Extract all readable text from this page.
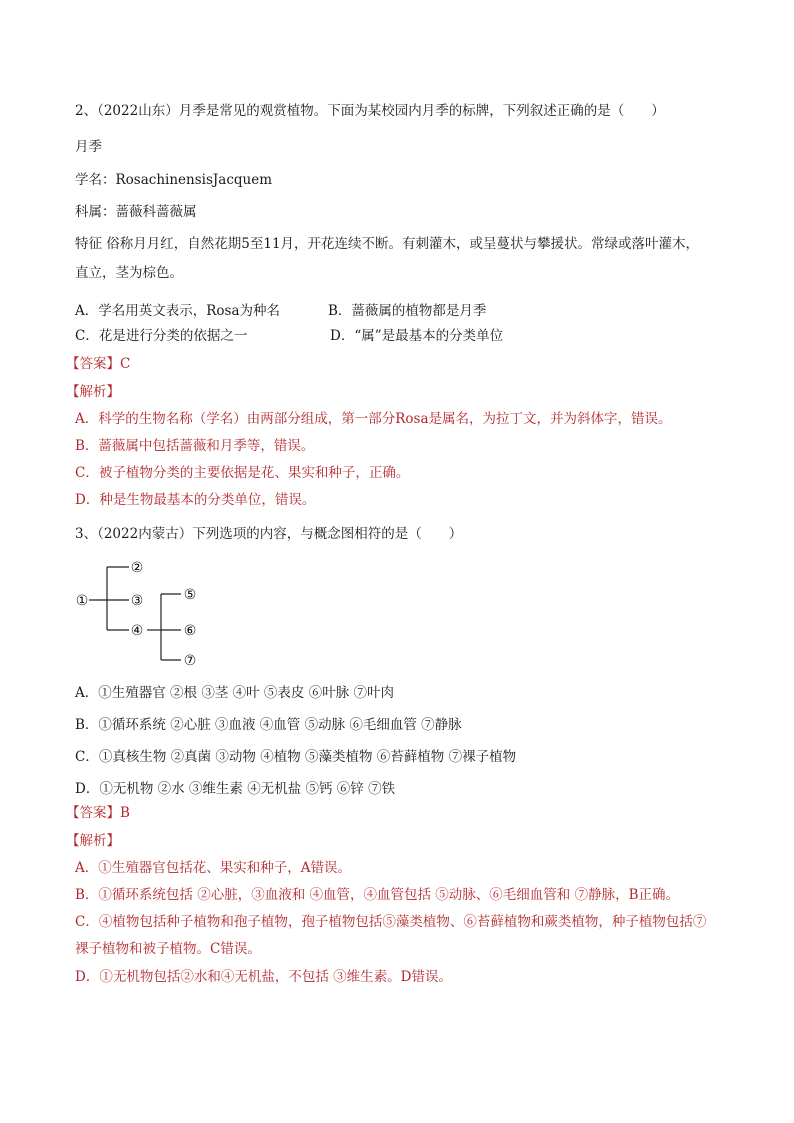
2、（2022山东）月季是常见的观赏植物。下面为某校园内月季的标牌，下列叙述正确的是（　　）
月季
学名：RosachinensisJacquem
科属：蔷薇科蔷薇属
特征 俗称月月红，自然花期5至11月，开花连续不断。有刺灌木，或呈蔓状与攀援状。常绿或落叶灌木，
直立，茎为棕色。
A．学名用英文表示，Rosa为种名	B．蔷薇属的植物都是月季
C．花是进行分类的依据之一	D．“属”是最基本的分类单位
【答案】C
【解析】
A．科学的生物名称（学名）由两部分组成，第一部分Rosa是属名，为拉丁文，并为斜体字，错误。
B．蔷薇属中包括蔷薇和月季等，错误。
C．被子植物分类的主要依据是花、果实和种子，正确。
D．种是生物最基本的分类单位，错误。
3、（2022内蒙古）下列选项的内容，与概念图相符的是（　　）
①
②
③
④
⑤
⑥
⑦
A．①生殖器官 ②根 ③茎 ④叶 ⑤表皮 ⑥叶脉 ⑦叶肉
B．①循环系统 ②心脏 ③血液 ④血管 ⑤动脉 ⑥毛细血管 ⑦静脉
C．①真核生物 ②真菌 ③动物 ④植物 ⑤藻类植物 ⑥苔藓植物 ⑦裸子植物
D．①无机物 ②水 ③维生素 ④无机盐 ⑤钙 ⑥锌 ⑦铁
【答案】B
【解析】
A．①生殖器官包括花、果实和种子，A错误。
B．①循环系统包括 ②心脏，③血液和 ④血管，④血管包括 ⑤动脉、⑥毛细血管和 ⑦静脉，B正确。
C．④植物包括种子植物和孢子植物，孢子植物包括⑤藻类植物、⑥苔藓植物和蕨类植物，种子植物包括⑦
裸子植物和被子植物。C错误。
D．①无机物包括②水和④无机盐，不包括 ③维生素。D错误。
